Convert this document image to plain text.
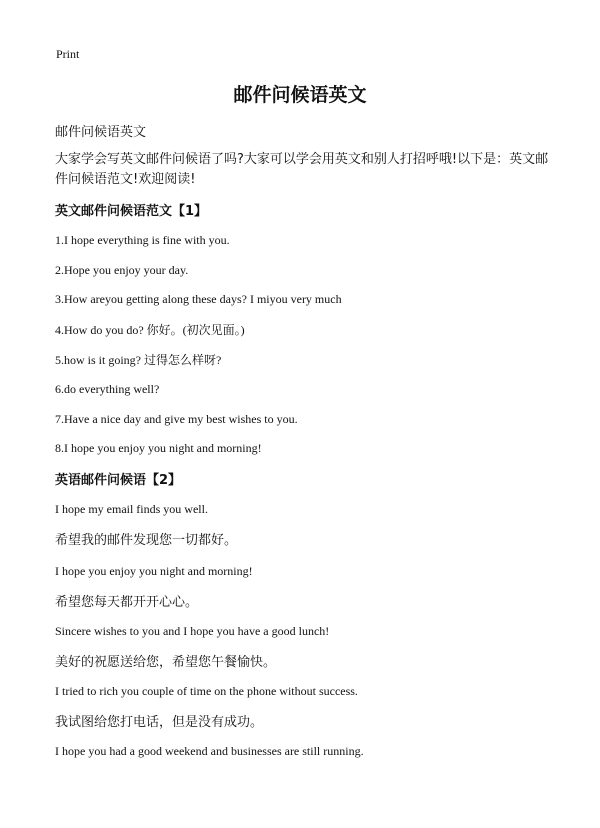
Print
邮件问候语英文
邮件问候语英文
大家学会写英文邮件问候语了吗?大家可以学会用英文和别人打招呼哦!以下是：英文邮件问候语范文!欢迎阅读!
英文邮件问候语范文【1】
1.I hope everything is fine with you.
2.Hope you enjoy your day.
3.How areyou getting along these days? I miyou very much
4.How do you do? 你好。(初次见面。)
5.how is it going? 过得怎么样呀?
6.do everything well?
7.Have a nice day and give my best wishes to you.
8.I hope you enjoy you night and morning!
英语邮件问候语【2】
I hope my email finds you well.
希望我的邮件发现您一切都好。
I hope you enjoy you night and morning!
希望您每天都开开心心。
Sincere wishes to you and I hope you have a good lunch!
美好的祝愿送给您，希望您午餐愉快。
I tried to rich you couple of time on the phone without success.
我试图给您打电话，但是没有成功。
I hope you had a good weekend and businesses are still running.
